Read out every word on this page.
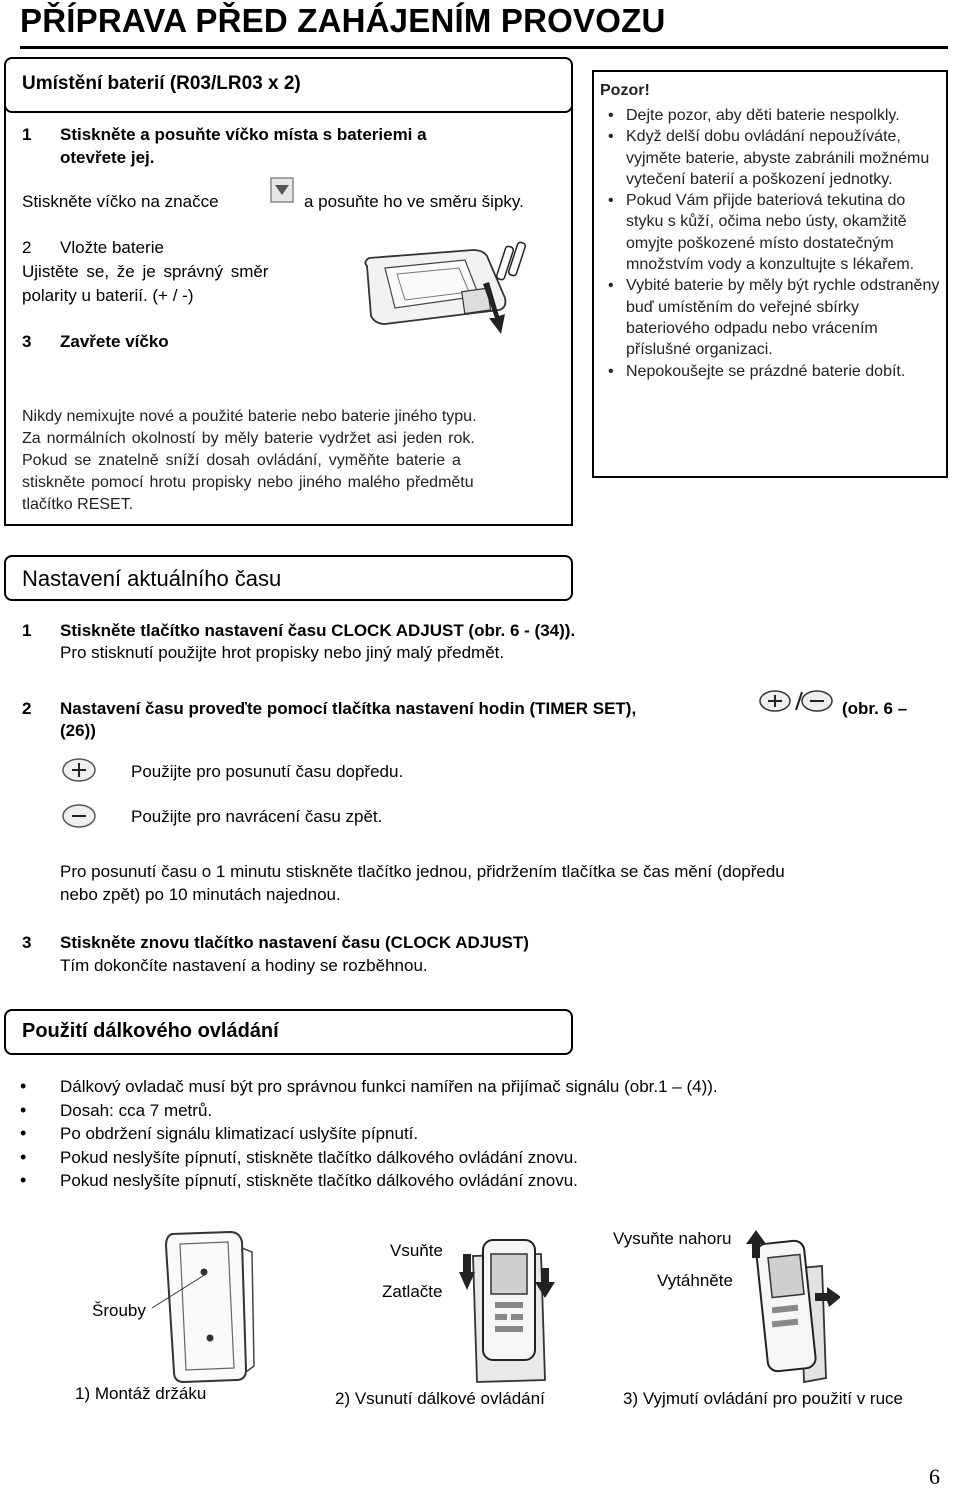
PŘÍPRAVA PŘED ZAHÁJENÍM PROVOZU
Umístění baterií (R03/LR03 x 2)
1 Stiskněte a posuňte víčko místa s bateriemi a
otevřete jej.
Stiskněte víčko na značce	a posuňte ho ve směru šipky.
2 Vložte baterie
Ujistěte se, že je správný směr
polarity u baterií. (+ / -)
3 Zavřete víčko
Nikdy nemixujte nové a použité baterie nebo baterie jiného typu.
Za normálních okolností by měly baterie vydržet asi jeden rok.
Pokud se znatelně sníží dosah ovládání, vyměňte baterie a
stiskněte pomocí hrotu propisky nebo jiného malého předmětu
tlačítko RESET.
Pozor!
• Dejte pozor, aby děti baterie nespolkly.
• Když delší dobu ovládání nepoužíváte, vyjměte baterie, abyste zabránili možnému vytečení baterií a poškození jednotky.
• Pokud Vám přijde bateriová tekutina do styku s kůží, očima nebo ústy, okamžitě omyjte poškozené místo dostatečným množstvím vody a konzultujte s lékařem.
• Vybité baterie by měly být rychle odstraněny buď umístěním do veřejné sbírky bateriového odpadu nebo vrácením příslušné organizaci.
• Nepokoušejte se prázdné baterie dobít.
Nastavení aktuálního času
1 Stiskněte tlačítko nastavení času CLOCK ADJUST (obr. 6 - (34)).
Pro stisknutí použijte hrot propisky nebo jiný malý předmět.
2 Nastavení času proveďte pomocí tlačítka nastavení hodin (TIMER SET),	(obr. 6 –
(26))
Použijte pro posunutí času dopředu.
Použijte pro navrácení času zpět.
Pro posunutí času o 1 minutu stiskněte tlačítko jednou, přidržením tlačítka se čas mění (dopředu
nebo zpět) po 10 minutách najednou.
3 Stiskněte znovu tlačítko nastavení času (CLOCK ADJUST)
Tím dokončíte nastavení a hodiny se rozběhnou.
Použití dálkového ovládání
• Dálkový ovladač musí být pro správnou funkci namířen na přijímač signálu (obr.1 – (4)).
• Dosah: cca 7 metrů.
• Po obdržení signálu klimatizací uslyšíte pípnutí.
• Pokud neslyšíte pípnutí, stiskněte tlačítko dálkového ovládání znovu.
• Pokud neslyšíte pípnutí, stiskněte tlačítko dálkového ovládání znovu.
Šrouby
Vsuňte
Zatlačte
Vysuňte nahoru
Vytáhněte
1) Montáž držáku	2) Vsunutí dálkové ovládání	3) Vyjmutí ovládání pro použití v ruce
6
